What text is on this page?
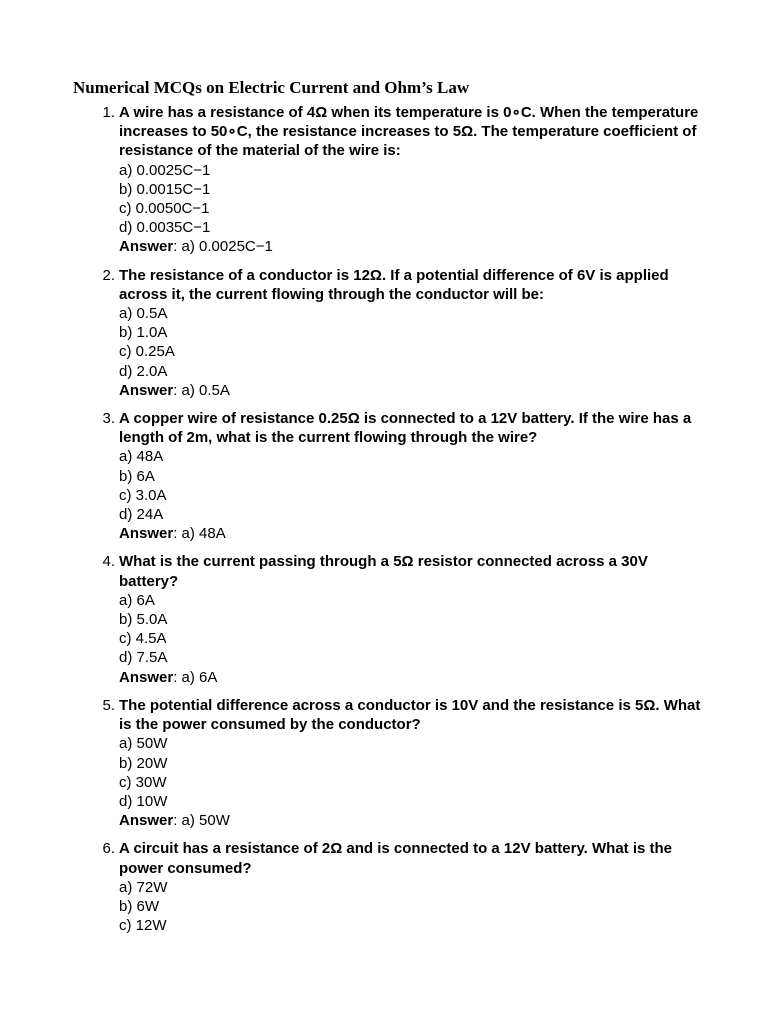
Numerical MCQs on Electric Current and Ohm’s Law
1. A wire has a resistance of 4Ω when its temperature is 0∘C. When the temperature increases to 50∘C, the resistance increases to 5Ω. The temperature coefficient of resistance of the material of the wire is:
a) 0.0025C−1
b) 0.0015C−1
c) 0.0050C−1
d) 0.0035C−1
Answer: a) 0.0025C−1
2. The resistance of a conductor is 12Ω. If a potential difference of 6V is applied across it, the current flowing through the conductor will be:
a) 0.5A
b) 1.0A
c) 0.25A
d) 2.0A
Answer: a) 0.5A
3. A copper wire of resistance 0.25Ω is connected to a 12V battery. If the wire has a length of 2m, what is the current flowing through the wire?
a) 48A
b) 6A
c) 3.0A
d) 24A
Answer: a) 48A
4. What is the current passing through a 5Ω resistor connected across a 30V battery?
a) 6A
b) 5.0A
c) 4.5A
d) 7.5A
Answer: a) 6A
5. The potential difference across a conductor is 10V and the resistance is 5Ω. What is the power consumed by the conductor?
a) 50W
b) 20W
c) 30W
d) 10W
Answer: a) 50W
6. A circuit has a resistance of 2Ω and is connected to a 12V battery. What is the power consumed?
a) 72W
b) 6W
c) 12W
